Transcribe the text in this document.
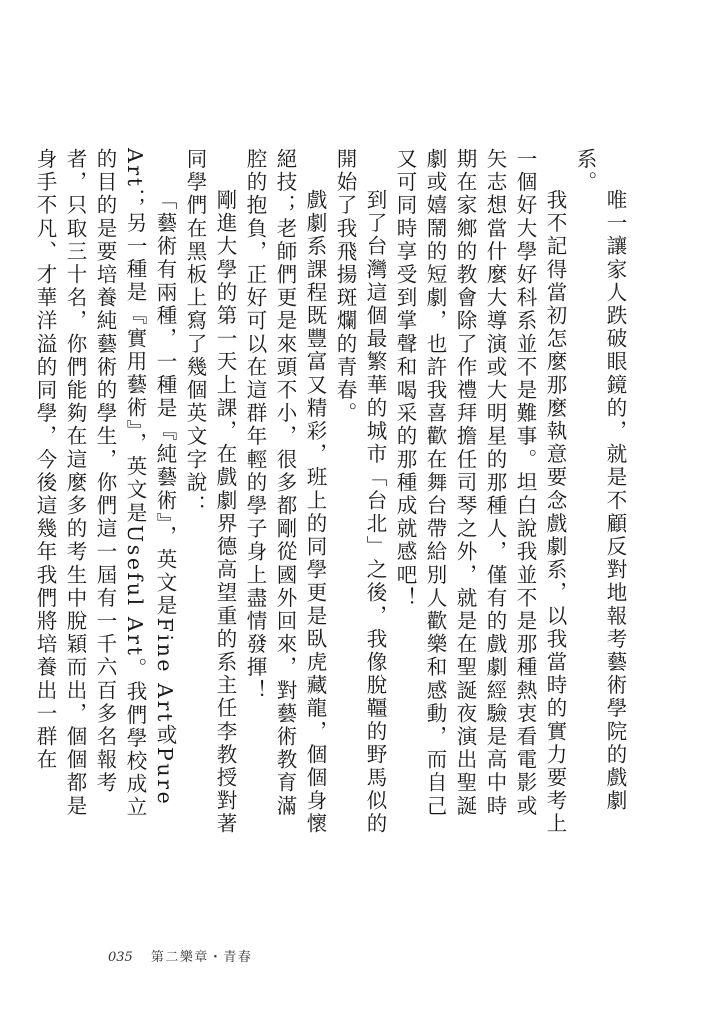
唯一讓家人跌破眼鏡的，就是不顧反對地報考藝術學院的戲劇系。

我不記得當初怎麼那麼執意要念戲劇系，以我當時的實力要考上一個好大學好科系並不是難事。坦白說我並不是那種熱衷看電影或矢志想當什麼大導演或大明星的那種人，僅有的戲劇經驗是高中時期在家鄉的教會除了作禮拜擔任司琴之外，就是在聖誕夜演出聖誕劇或嬉鬧的短劇，也許我喜歡在舞台帶給別人歡樂和感動，而自己又可同時享受到掌聲和喝采的那種成就感吧！

到了台灣這個最繁華的城市「台北」之後，我像脫韁的野馬似的開始了我飛揚斑爛的青春。

戲劇系課程既豐富又精彩，班上的同學更是臥虎藏龍，個個身懷絕技；老師們更是來頭不小，很多都剛從國外回來，對藝術教育滿腔的抱負，正好可以在這群年輕的學子身上盡情發揮！

剛進大學的第一天上課，在戲劇界德高望重的系主任李教授對著同學們在黑板上寫了幾個英文字說：

「藝術有兩種，一種是『純藝術』，英文是Fine Art或Pure Art；另一種是『實用藝術』，英文是Useful Art。我們學校成立的目的是要培養純藝術的學生，你們這一屆有一千六百多名報考者，只取三十名，你們能夠在這麼多的考生中脫穎而出，個個都是身手不凡、才華洋溢的同學，今後這幾年我們將培養出一群在

035 第二樂章・青春
